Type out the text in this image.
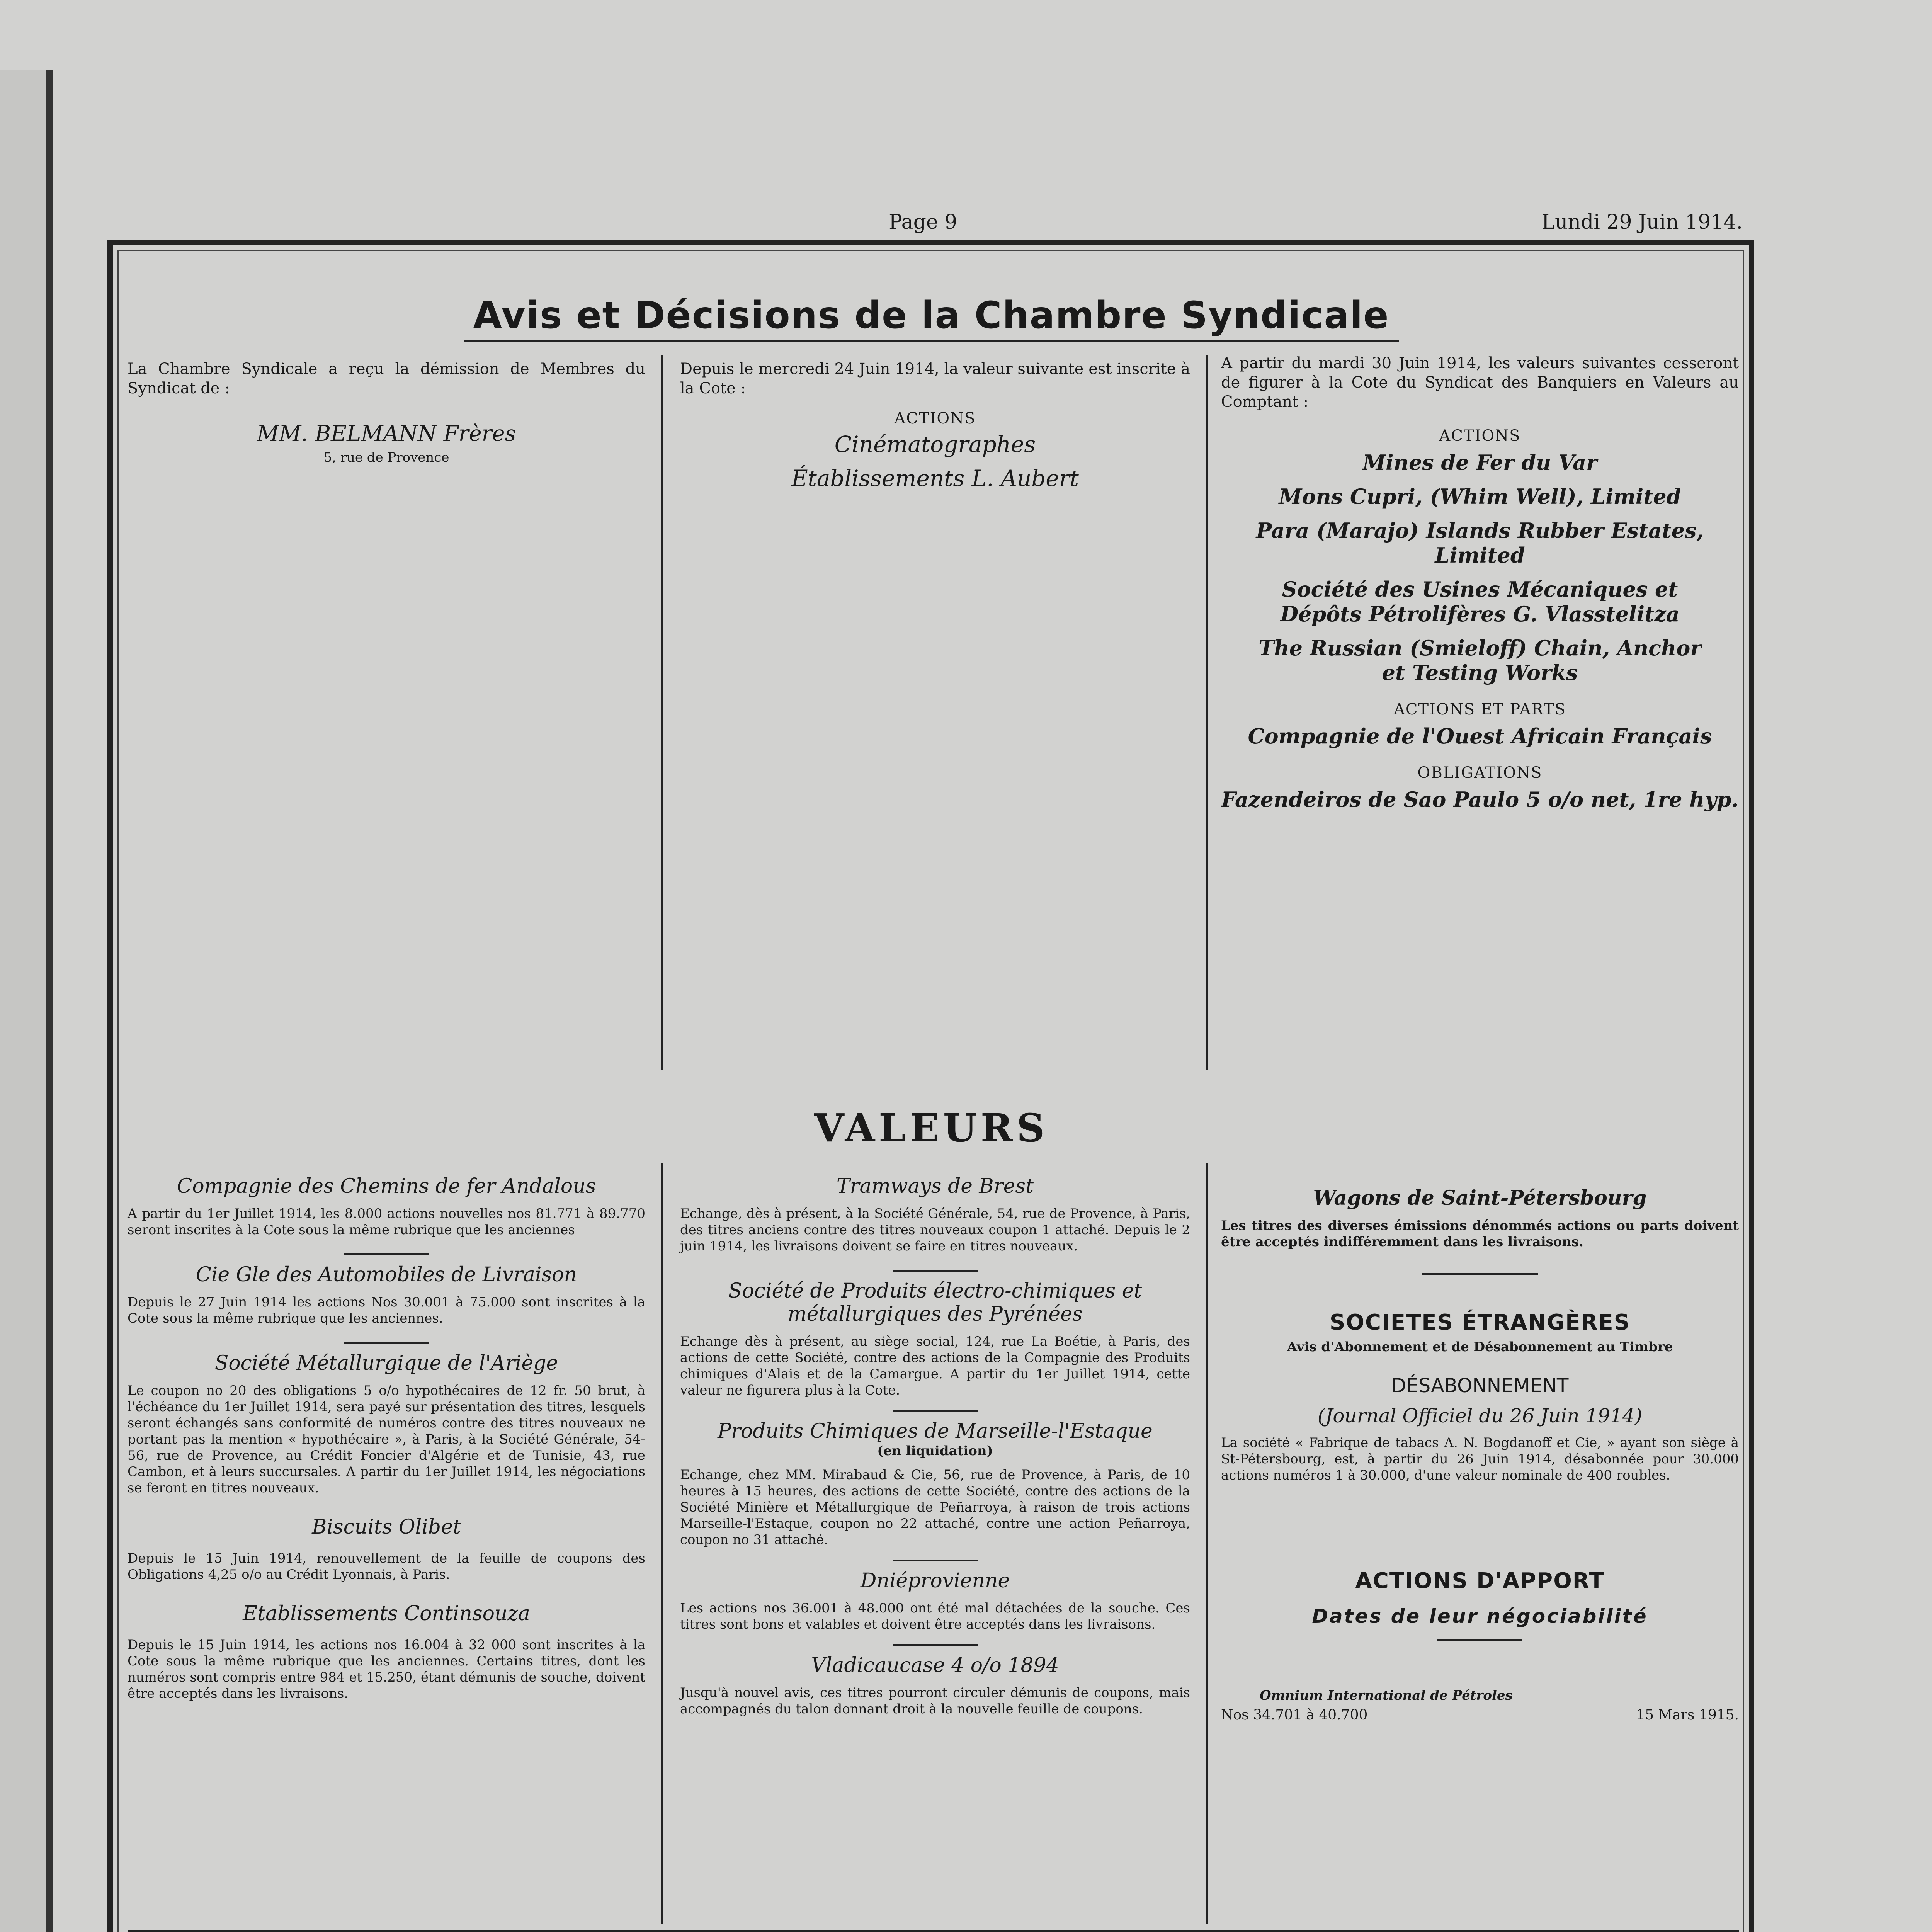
Page 9	Lundi 29 Juin 1914.
Avis et Décisions de la Chambre Syndicale
La Chambre Syndicale a reçu la démission de Membres du Syndicat de :
MM. BELMANN Frères
5, rue de Provence
Depuis le mercredi 24 Juin 1914, la valeur suivante est inscrite à la Cote :
ACTIONS
Cinématographes
Établissements L. Aubert
A partir du mardi 30 Juin 1914, les valeurs suivantes cesseront de figurer à la Cote du Syndicat des Banquiers en Valeurs au Comptant :
ACTIONS
Mines de Fer du Var
Mons Cupri, (Whim Well), Limited
Para (Marajo) Islands Rubber Estates, Limited
Société des Usines Mécaniques et Dépôts Pétrolifères G. Vlasstelitza
The Russian (Smieloff) Chain, Anchor et Testing Works
ACTIONS ET PARTS
Compagnie de l'Ouest Africain Français
OBLIGATIONS
Fazendeiros de Sao Paulo 5 o/o net, 1re hyp.
VALEURS
Compagnie des Chemins de fer Andalous
A partir du 1er Juillet 1914, les 8.000 actions nouvelles nos 81.771 à 89.770 seront inscrites à la Cote sous la même rubrique que les anciennes
Cie Gle des Automobiles de Livraison
Depuis le 27 Juin 1914 les actions Nos 30.001 à 75.000 sont inscrites à la Cote sous la même rubrique que les anciennes.
Société Métallurgique de l'Ariège
Le coupon no 20 des obligations 5 o/o hypothécaires de 12 fr. 50 brut, à l'échéance du 1er Juillet 1914, sera payé sur présentation des titres, lesquels seront échangés sans conformité de numéros contre des titres nouveaux ne portant pas la mention « hypothécaire », à Paris, à la Société Générale, 54-56, rue de Provence, au Crédit Foncier d'Algérie et de Tunisie, 43, rue Cambon, et à leurs succursales. A partir du 1er Juillet 1914, les négociations se feront en titres nouveaux.
Biscuits Olibet
Depuis le 15 Juin 1914, renouvellement de la feuille de coupons des Obligations 4,25 o/o au Crédit Lyonnais, à Paris.
Etablissements Continsouza
Depuis le 15 Juin 1914, les actions nos 16.004 à 32 000 sont inscrites à la Cote sous la même rubrique que les anciennes. Certains titres, dont les numéros sont compris entre 984 et 15.250, étant démunis de souche, doivent être acceptés dans les livraisons.
Tramways de Brest
Echange, dès à présent, à la Société Générale, 54, rue de Provence, à Paris, des titres anciens contre des titres nouveaux coupon 1 attaché. Depuis le 2 juin 1914, les livraisons doivent se faire en titres nouveaux.
Société de Produits électro-chimiques et métallurgiques des Pyrénées
Echange dès à présent, au siège social, 124, rue La Boétie, à Paris, des actions de cette Société, contre des actions de la Compagnie des Produits chimiques d'Alais et de la Camargue. A partir du 1er Juillet 1914, cette valeur ne figurera plus à la Cote.
Produits Chimiques de Marseille-l'Estaque
(en liquidation)
Echange, chez MM. Mirabaud & Cie, 56, rue de Provence, à Paris, de 10 heures à 15 heures, des actions de cette Société, contre des actions de la Société Minière et Métallurgique de Peñarroya, à raison de trois actions Marseille-l'Estaque, coupon no 22 attaché, contre une action Peñarroya, coupon no 31 attaché.
Dniéprovienne
Les actions nos 36.001 à 48.000 ont été mal détachées de la souche. Ces titres sont bons et valables et doivent être acceptés dans les livraisons.
Vladicaucase 4 o/o 1894
Jusqu'à nouvel avis, ces titres pourront circuler démunis de coupons, mais accompagnés du talon donnant droit à la nouvelle feuille de coupons.
Wagons de Saint-Pétersbourg
Les titres des diverses émissions dénommés actions ou parts doivent être acceptés indifféremment dans les livraisons.
SOCIETES ÉTRANGÈRES
Avis d'Abonnement et de Désabonnement au Timbre
DÉSABONNEMENT
(Journal Officiel du 26 Juin 1914)
La société « Fabrique de tabacs A. N. Bogdanoff et Cie, » ayant son siège à St-Pétersbourg, est, à partir du 26 Juin 1914, désabonnée pour 30.000 actions numéros 1 à 30.000, d'une valeur nominale de 400 roubles.
ACTIONS D'APPORT
Dates de leur négociabilité
Omnium International de Pétroles
Nos 34.701 à 40.700	15 Mars 1915.
